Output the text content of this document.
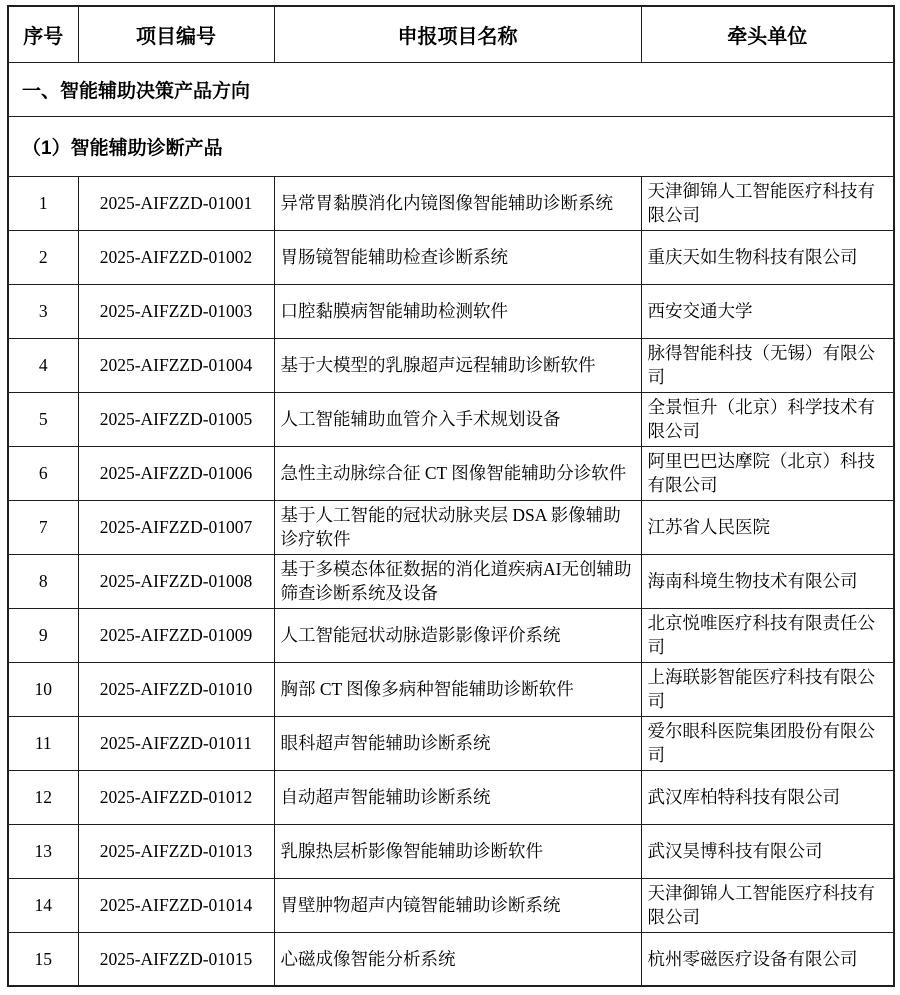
序号	项目编号	申报项目名称	牵头单位
一、智能辅助决策产品方向			
（1）智能辅助诊断产品			
1	2025-AIFZZD-01001	异常胃黏膜消化内镜图像智能辅助诊断系统	天津御锦人工智能医疗科技有限公司
2	2025-AIFZZD-01002	胃肠镜智能辅助检查诊断系统	重庆天如生物科技有限公司
3	2025-AIFZZD-01003	口腔黏膜病智能辅助检测软件	西安交通大学
4	2025-AIFZZD-01004	基于大模型的乳腺超声远程辅助诊断软件	脉得智能科技（无锡）有限公司
5	2025-AIFZZD-01005	人工智能辅助血管介入手术规划设备	全景恒升（北京）科学技术有限公司
6	2025-AIFZZD-01006	急性主动脉综合征 CT 图像智能辅助分诊软件	阿里巴巴达摩院（北京）科技有限公司
7	2025-AIFZZD-01007	基于人工智能的冠状动脉夹层 DSA 影像辅助诊疗软件	江苏省人民医院
8	2025-AIFZZD-01008	基于多模态体征数据的消化道疾病AI无创辅助筛查诊断系统及设备	海南科境生物技术有限公司
9	2025-AIFZZD-01009	人工智能冠状动脉造影影像评价系统	北京悦唯医疗科技有限责任公司
10	2025-AIFZZD-01010	胸部 CT 图像多病种智能辅助诊断软件	上海联影智能医疗科技有限公司
11	2025-AIFZZD-01011	眼科超声智能辅助诊断系统	爱尔眼科医院集团股份有限公司
12	2025-AIFZZD-01012	自动超声智能辅助诊断系统	武汉库柏特科技有限公司
13	2025-AIFZZD-01013	乳腺热层析影像智能辅助诊断软件	武汉昊博科技有限公司
14	2025-AIFZZD-01014	胃壁肿物超声内镜智能辅助诊断系统	天津御锦人工智能医疗科技有限公司
15	2025-AIFZZD-01015	心磁成像智能分析系统	杭州零磁医疗设备有限公司
